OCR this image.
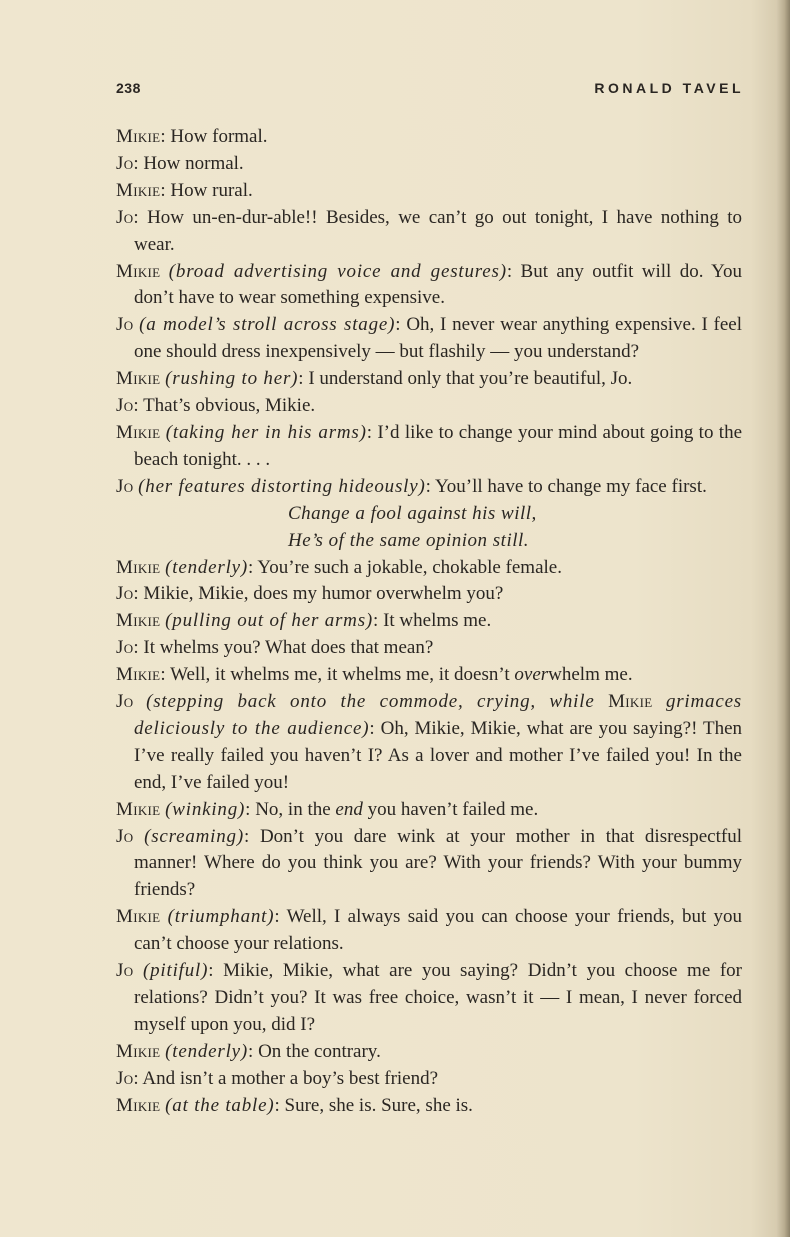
238	RONALD TAVEL

Mikie: How formal.

Jo: How normal.

Mikie: How rural.

Jo: How un-en-dur-able!! Besides, we can’t go out tonight, I have nothing to wear.

Mikie (broad advertising voice and gestures): But any outfit will do. You don’t have to wear something expensive.

Jo (a model’s stroll across stage): Oh, I never wear anything expensive. I feel one should dress inexpensively — but flashily — you understand?

Mikie (rushing to her): I understand only that you’re beautiful, Jo.

Jo: That’s obvious, Mikie.

Mikie (taking her in his arms): I’d like to change your mind about going to the beach tonight. . . .

Jo (her features distorting hideously): You’ll have to change my face first.

Change a fool against his will,

He’s of the same opinion still.

Mikie (tenderly): You’re such a jokable, chokable female.

Jo: Mikie, Mikie, does my humor overwhelm you?

Mikie (pulling out of her arms): It whelms me.

Jo: It whelms you? What does that mean?

Mikie: Well, it whelms me, it whelms me, it doesn’t overwhelm me.

Jo (stepping back onto the commode, crying, while Mikie grimaces deliciously to the audience): Oh, Mikie, Mikie, what are you saying?! Then I’ve really failed you haven’t I? As a lover and mother I’ve failed you! In the end, I’ve failed you!

Mikie (winking): No, in the end you haven’t failed me.

Jo (screaming): Don’t you dare wink at your mother in that disrespectful manner! Where do you think you are? With your friends? With your bummy friends?

Mikie (triumphant): Well, I always said you can choose your friends, but you can’t choose your relations.

Jo (pitiful): Mikie, Mikie, what are you saying? Didn’t you choose me for relations? Didn’t you? It was free choice, wasn’t it — I mean, I never forced myself upon you, did I?

Mikie (tenderly): On the contrary.

Jo: And isn’t a mother a boy’s best friend?

Mikie (at the table): Sure, she is. Sure, she is.
